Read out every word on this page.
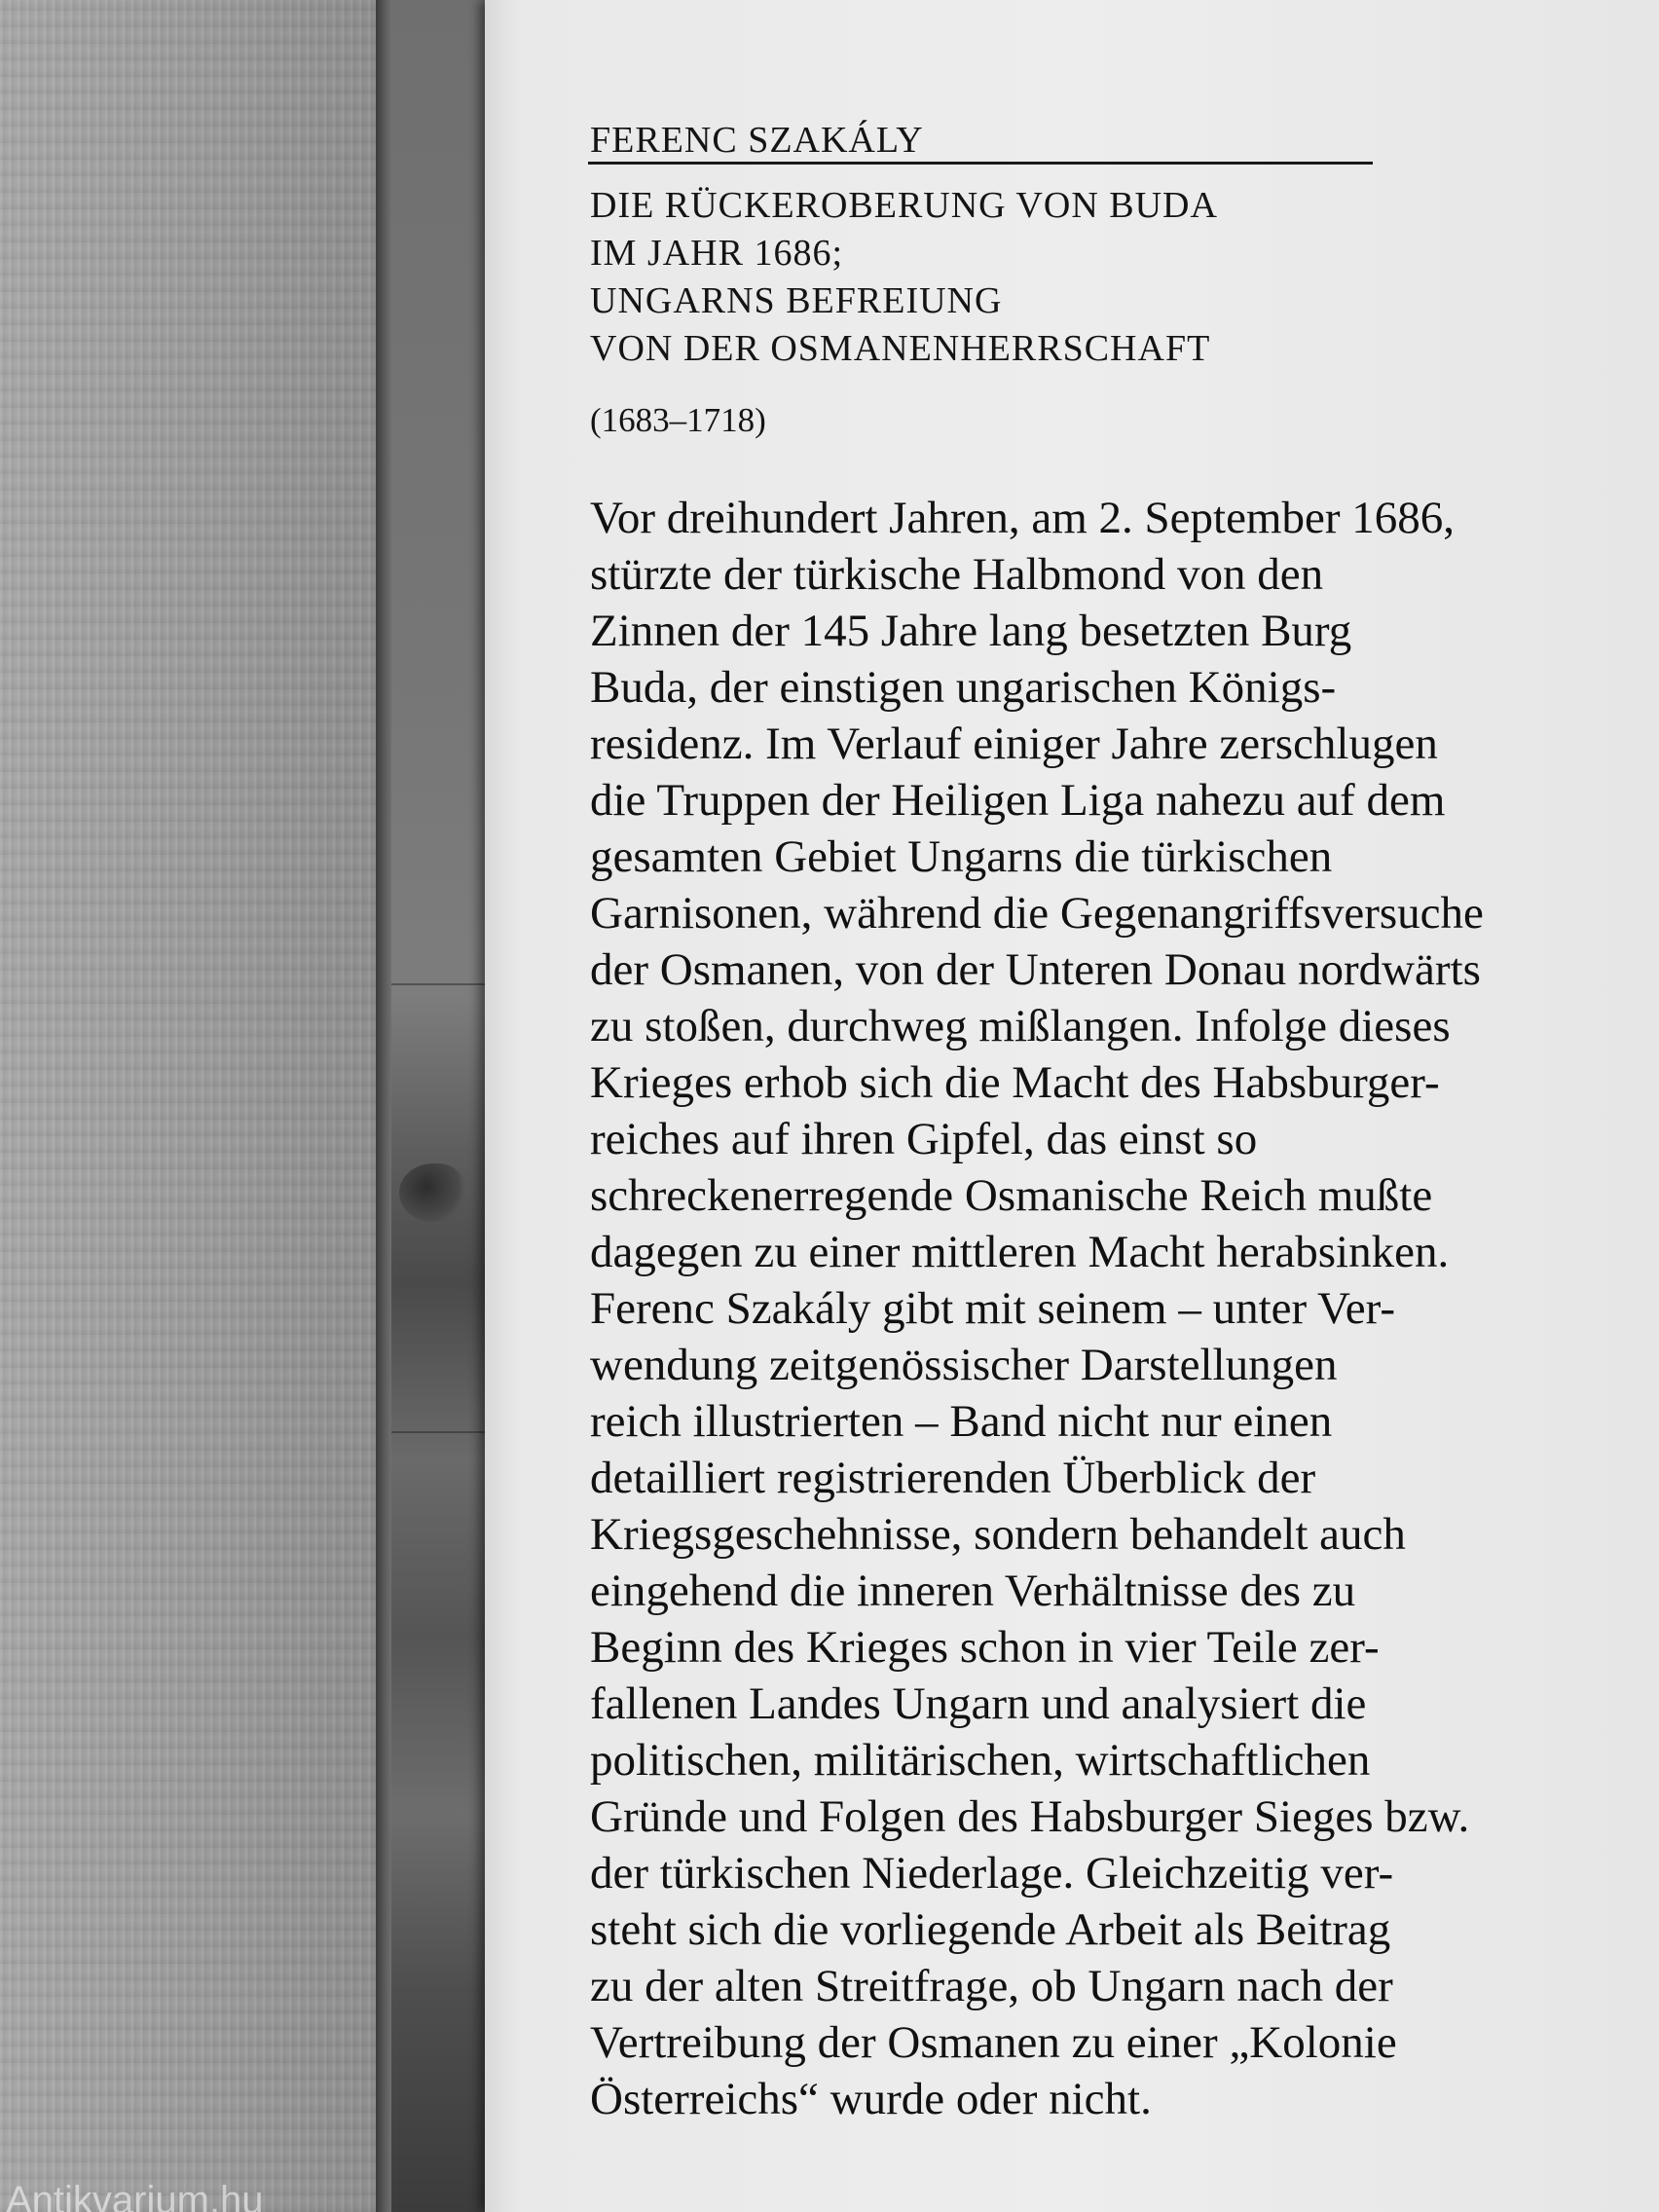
FERENC SZAKÁLY
DIE RÜCKEROBERUNG VON BUDA
IM JAHR 1686;
UNGARNS BEFREIUNG
VON DER OSMANENHERRSCHAFT
(1683–1718)

Vor dreihundert Jahren, am 2. September 1686,
stürzte der türkische Halbmond von den
Zinnen der 145 Jahre lang besetzten Burg
Buda, der einstigen ungarischen Königs-
residenz. Im Verlauf einiger Jahre zerschlugen
die Truppen der Heiligen Liga nahezu auf dem
gesamten Gebiet Ungarns die türkischen
Garnisonen, während die Gegenangriffsversuche
der Osmanen, von der Unteren Donau nordwärts
zu stoßen, durchweg mißlangen. Infolge dieses
Krieges erhob sich die Macht des Habsburger-
reiches auf ihren Gipfel, das einst so
schreckenerregende Osmanische Reich mußte
dagegen zu einer mittleren Macht herabsinken.
Ferenc Szakály gibt mit seinem – unter Ver-
wendung zeitgenössischer Darstellungen
reich illustrierten – Band nicht nur einen
detailliert registrierenden Überblick der
Kriegsgeschehnisse, sondern behandelt auch
eingehend die inneren Verhältnisse des zu
Beginn des Krieges schon in vier Teile zer-
fallenen Landes Ungarn und analysiert die
politischen, militärischen, wirtschaftlichen
Gründe und Folgen des Habsburger Sieges bzw.
der türkischen Niederlage. Gleichzeitig ver-
steht sich die vorliegende Arbeit als Beitrag
zu der alten Streitfrage, ob Ungarn nach der
Vertreibung der Osmanen zu einer „Kolonie
Österreichs“ wurde oder nicht.

Antikvarium.hu
